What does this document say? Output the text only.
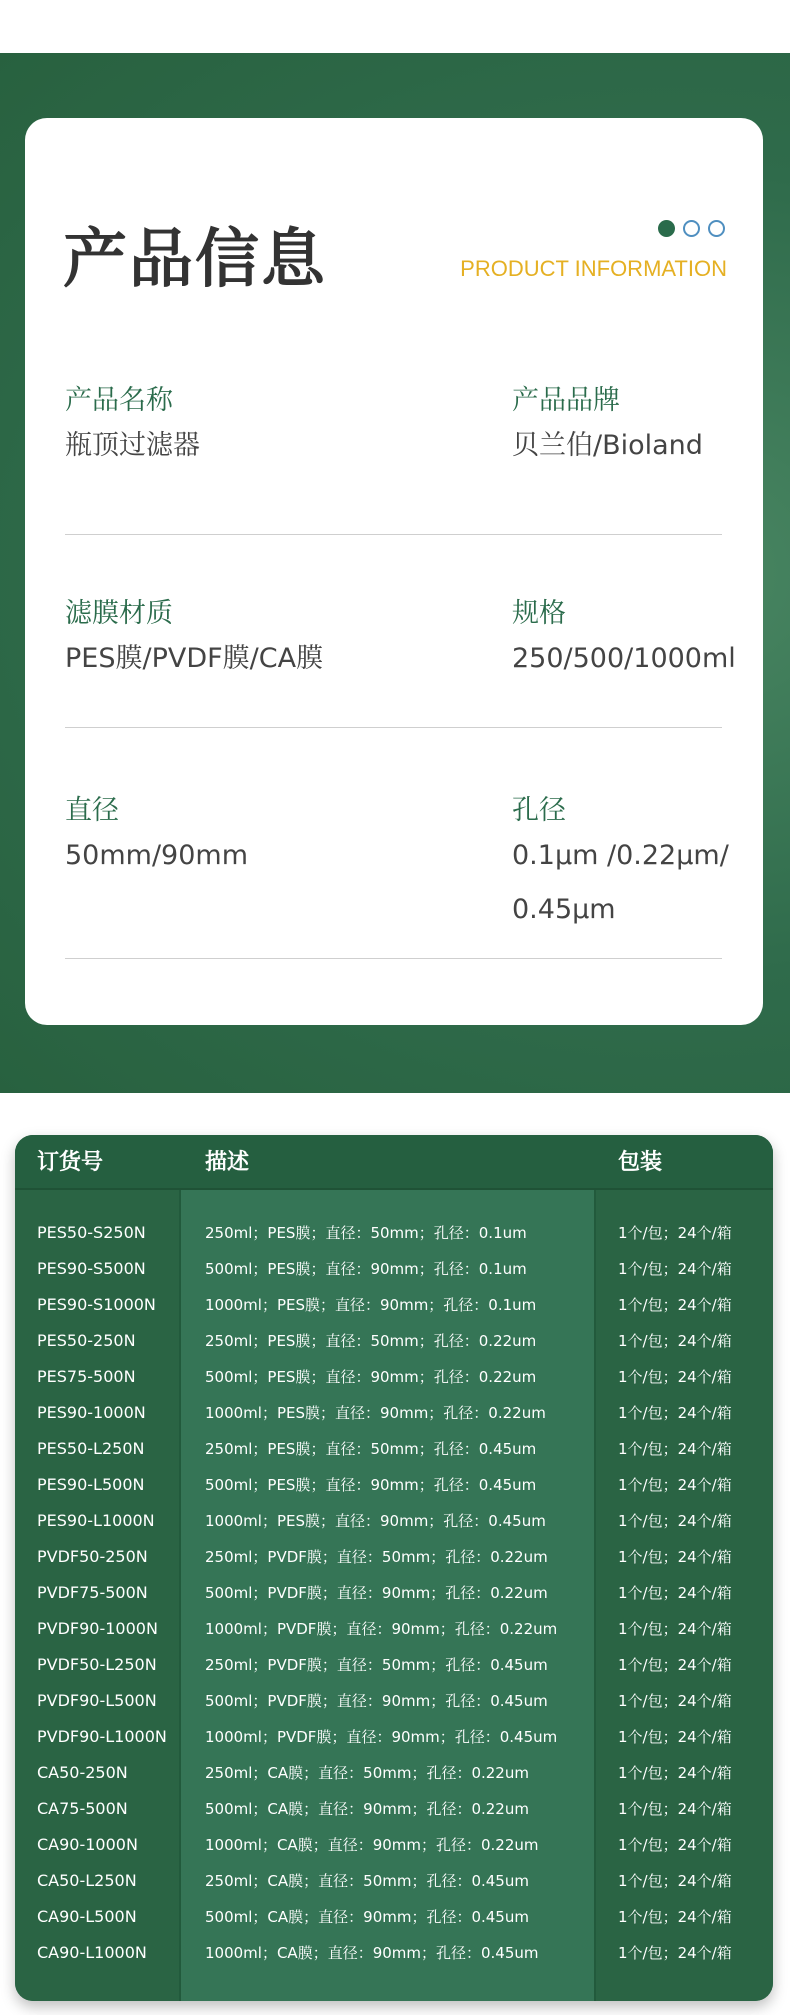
产品信息	PRODUCT INFORMATION
产品名称
瓶顶过滤器
产品品牌
贝兰伯/Bioland
滤膜材质
PES膜/PVDF膜/CA膜
规格
250/500/1000ml
直径
50mm/90mm
孔径
0.1μm /0.22μm/ 0.45μm
订货号	描述	包装
PES50-S250N	250ml；PES膜；直径：50mm；孔径：0.1um	1个/包；24个/箱
PES90-S500N	500ml；PES膜；直径：90mm；孔径：0.1um	1个/包；24个/箱
PES90-S1000N	1000ml；PES膜；直径：90mm；孔径：0.1um	1个/包；24个/箱
PES50-250N	250ml；PES膜；直径：50mm；孔径：0.22um	1个/包；24个/箱
PES75-500N	500ml；PES膜；直径：90mm；孔径：0.22um	1个/包；24个/箱
PES90-1000N	1000ml；PES膜；直径：90mm；孔径：0.22um	1个/包；24个/箱
PES50-L250N	250ml；PES膜；直径：50mm；孔径：0.45um	1个/包；24个/箱
PES90-L500N	500ml；PES膜；直径：90mm；孔径：0.45um	1个/包；24个/箱
PES90-L1000N	1000ml；PES膜；直径：90mm；孔径：0.45um	1个/包；24个/箱
PVDF50-250N	250ml；PVDF膜；直径：50mm；孔径：0.22um	1个/包；24个/箱
PVDF75-500N	500ml；PVDF膜；直径：90mm；孔径：0.22um	1个/包；24个/箱
PVDF90-1000N	1000ml；PVDF膜；直径：90mm；孔径：0.22um	1个/包；24个/箱
PVDF50-L250N	250ml；PVDF膜；直径：50mm；孔径：0.45um	1个/包；24个/箱
PVDF90-L500N	500ml；PVDF膜；直径：90mm；孔径：0.45um	1个/包；24个/箱
PVDF90-L1000N	1000ml；PVDF膜；直径：90mm；孔径：0.45um	1个/包；24个/箱
CA50-250N	250ml；CA膜；直径：50mm；孔径：0.22um	1个/包；24个/箱
CA75-500N	500ml；CA膜；直径：90mm；孔径：0.22um	1个/包；24个/箱
CA90-1000N	1000ml；CA膜；直径：90mm；孔径：0.22um	1个/包；24个/箱
CA50-L250N	250ml；CA膜；直径：50mm；孔径：0.45um	1个/包；24个/箱
CA90-L500N	500ml；CA膜；直径：90mm；孔径：0.45um	1个/包；24个/箱
CA90-L1000N	1000ml；CA膜；直径：90mm；孔径：0.45um	1个/包；24个/箱
